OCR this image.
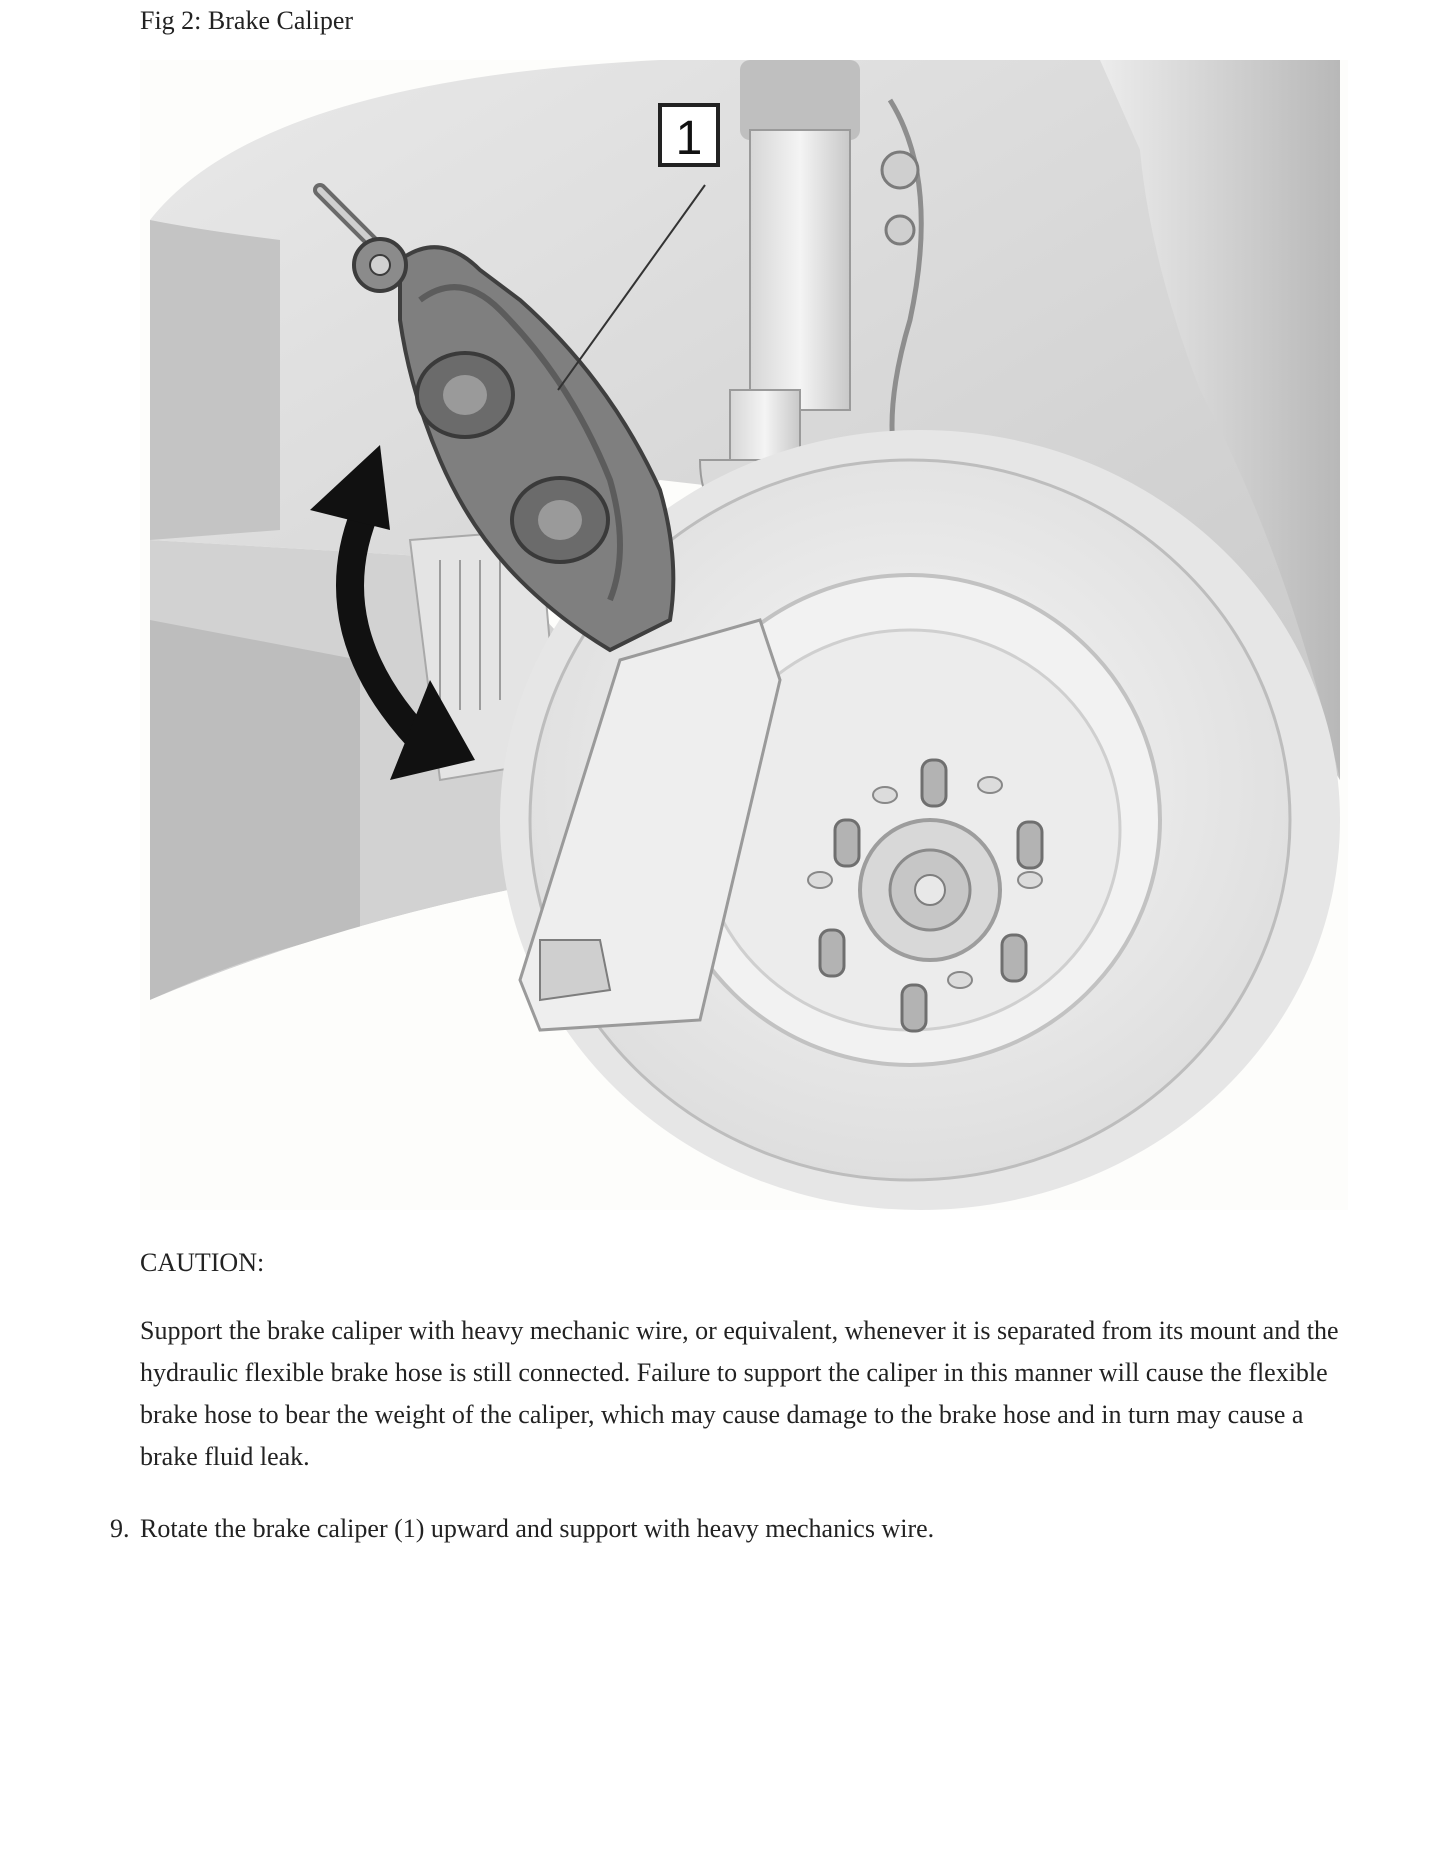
Fig 2: Brake Caliper
1
CAUTION:
Support the brake caliper with heavy mechanic wire, or equivalent, whenever it is separated from its mount and the hydraulic flexible brake hose is still connected. Failure to support the caliper in this manner will cause the flexible brake hose to bear the weight of the caliper, which may cause damage to the brake hose and in turn may cause a brake fluid leak.
9. Rotate the brake caliper (1) upward and support with heavy mechanics wire.
